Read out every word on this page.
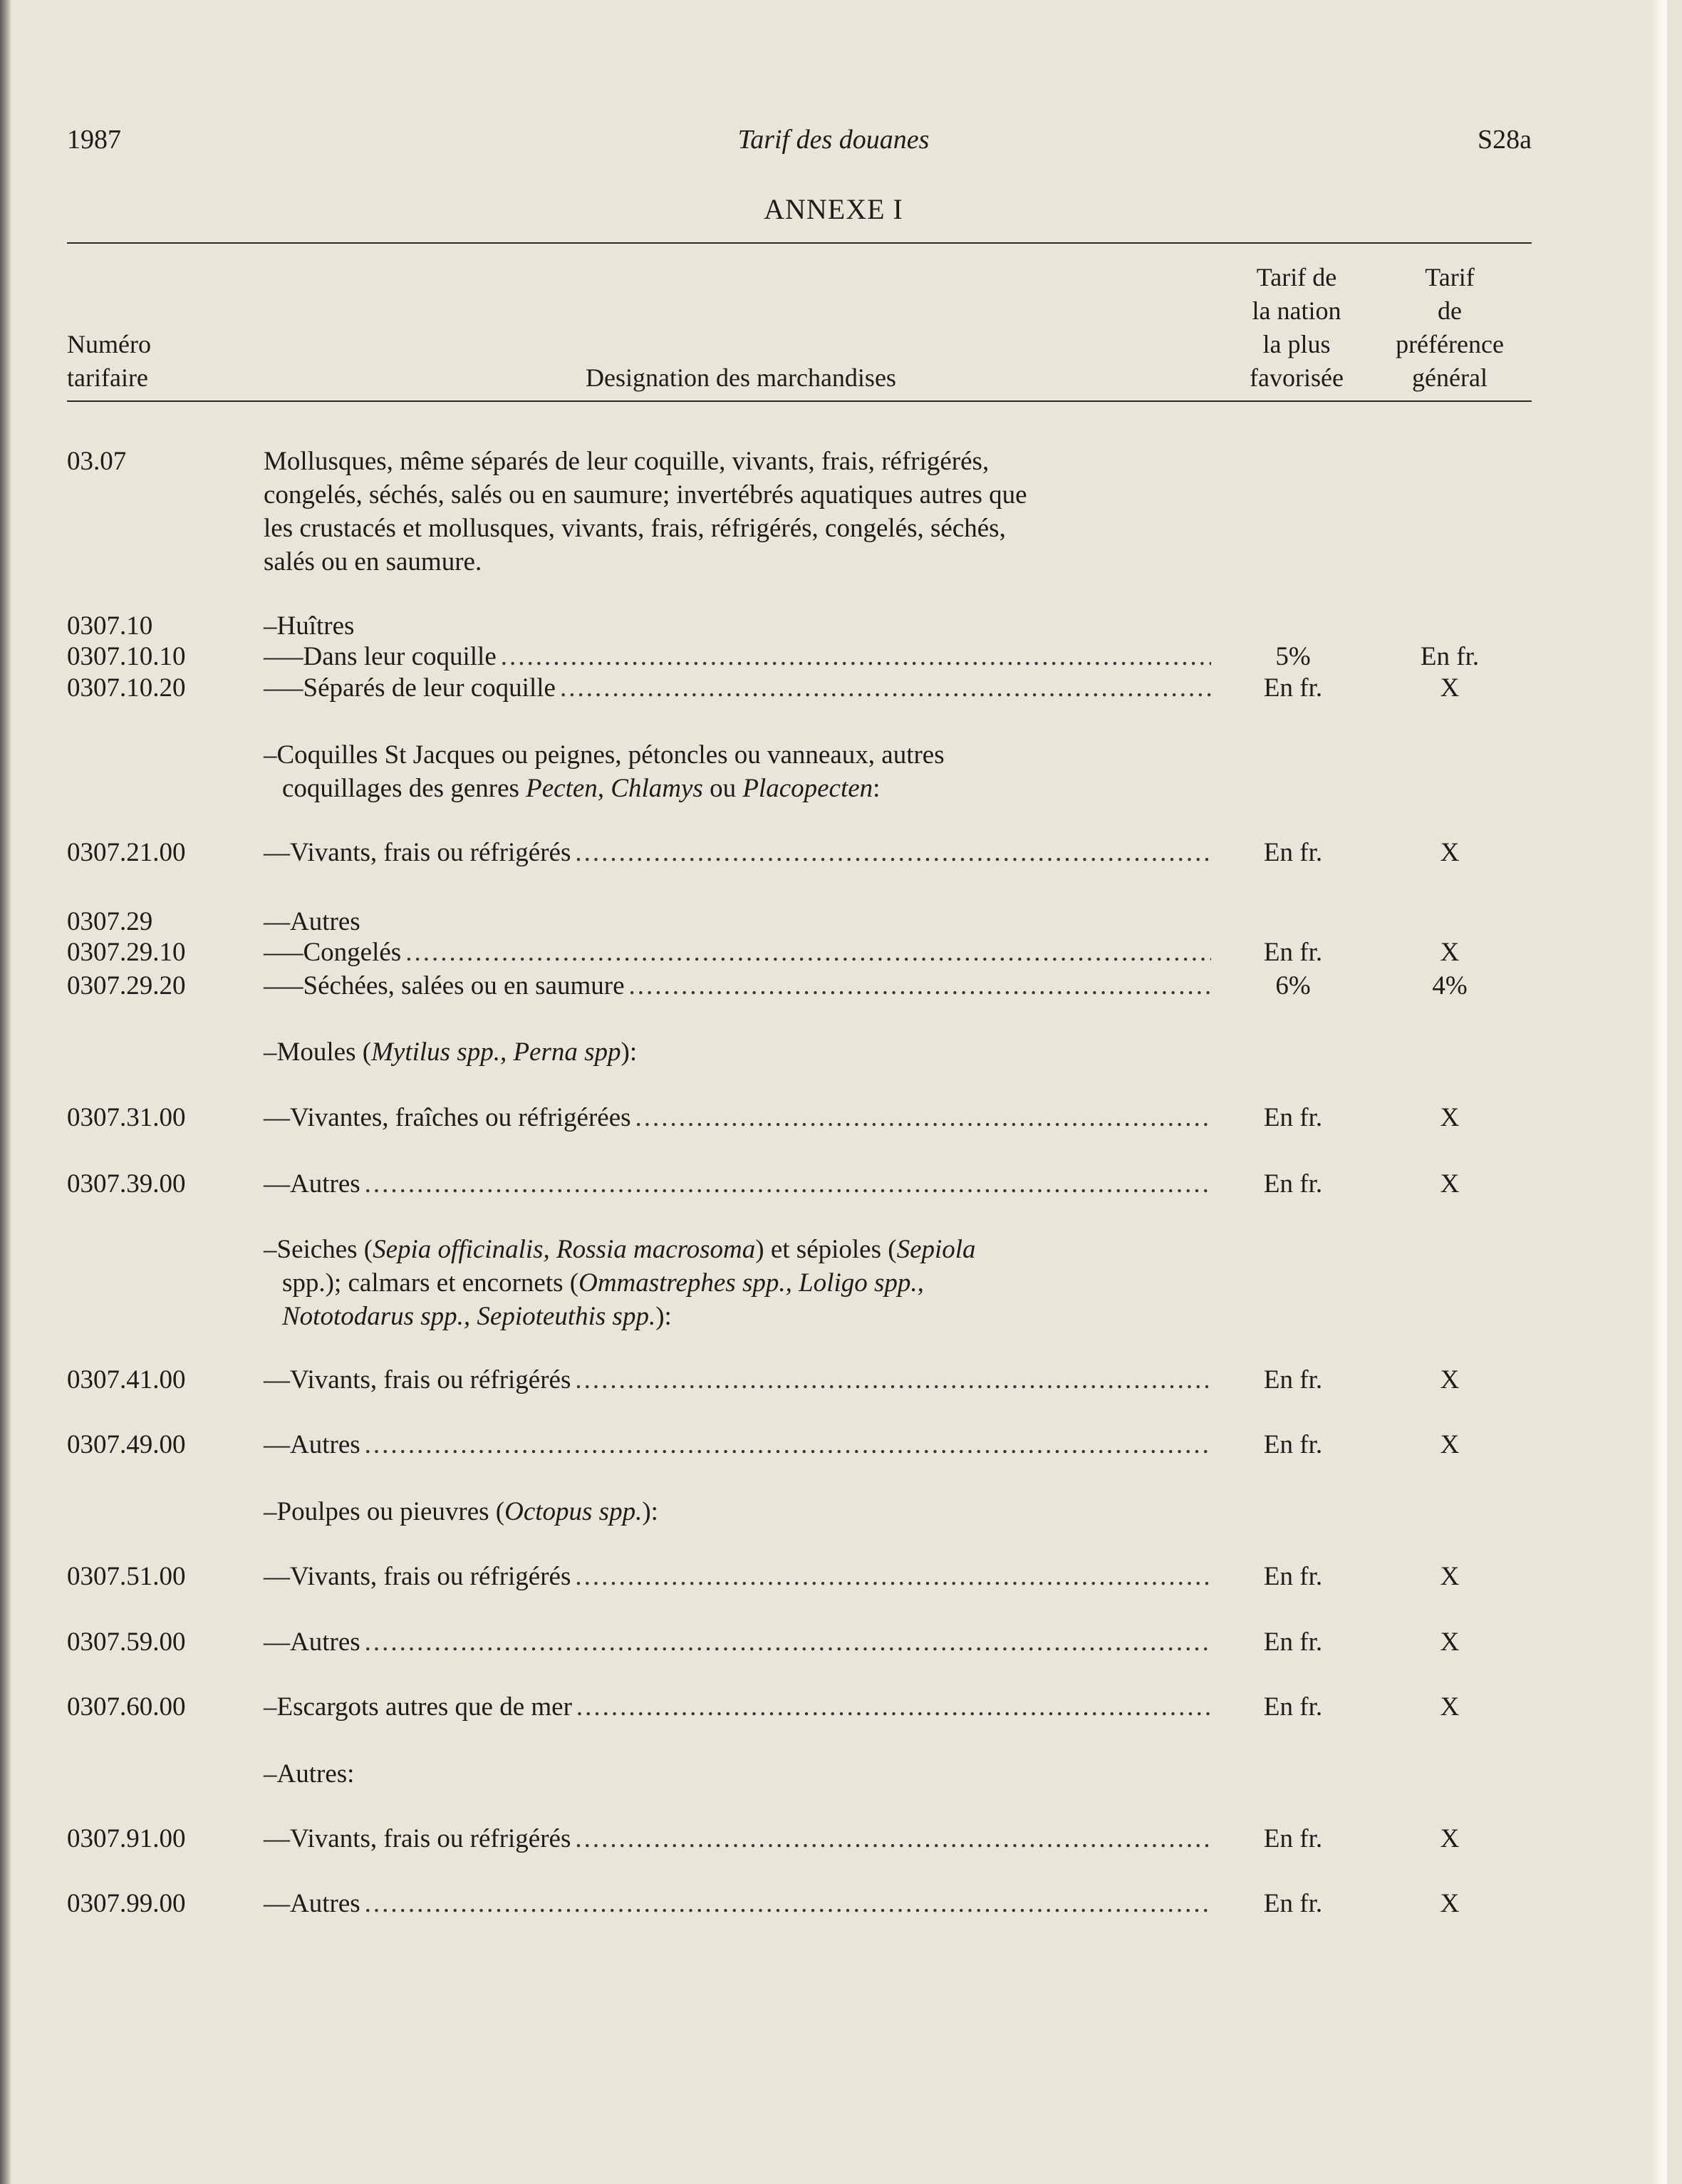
1987	Tarif des douanes	S28a
ANNEXE I
Numéro
tarifaire	Designation des marchandises
Tarif de
la nation
la plus
favorisée
Tarif
de
préférence
général
03.07	Mollusques, même séparés de leur coquille, vivants, frais, réfrigérés,
congelés, séchés, salés ou en saumure; invertébrés aquatiques autres que
les crustacés et mollusques, vivants, frais, réfrigérés, congelés, séchés,
salés ou en saumure.
0307.10	–Huîtres
0307.10.10	–––Dans leur coquille .....	5%	En fr.
0307.10.20	–––Séparés de leur coquille .....	En fr.	X
–Coquilles St Jacques ou peignes, pétoncles ou vanneaux, autres
coquillages des genres Pecten, Chlamys ou Placopecten:
0307.21.00	––Vivants, frais ou réfrigérés .....	En fr.	X
0307.29	––Autres
0307.29.10	–––Congelés .....	En fr.	X
0307.29.20	–––Séchées, salées ou en saumure .....	6%	4%
–Moules (Mytilus spp., Perna spp):
0307.31.00	––Vivantes, fraîches ou réfrigérées .....	En fr.	X
0307.39.00	––Autres .....	En fr.	X
–Seiches (Sepia officinalis, Rossia macrosoma) et sépioles (Sepiola
spp.); calmars et encornets (Ommastrephes spp., Loligo spp.,
Nototodarus spp., Sepioteuthis spp.):
0307.41.00	––Vivants, frais ou réfrigérés .....	En fr.	X
0307.49.00	––Autres .....	En fr.	X
–Poulpes ou pieuvres (Octopus spp.):
0307.51.00	––Vivants, frais ou réfrigérés .....	En fr.	X
0307.59.00	––Autres .....	En fr.	X
0307.60.00	–Escargots autres que de mer .....	En fr.	X
–Autres:
0307.91.00	––Vivants, frais ou réfrigérés .....	En fr.	X
0307.99.00	––Autres .....	En fr.	X
